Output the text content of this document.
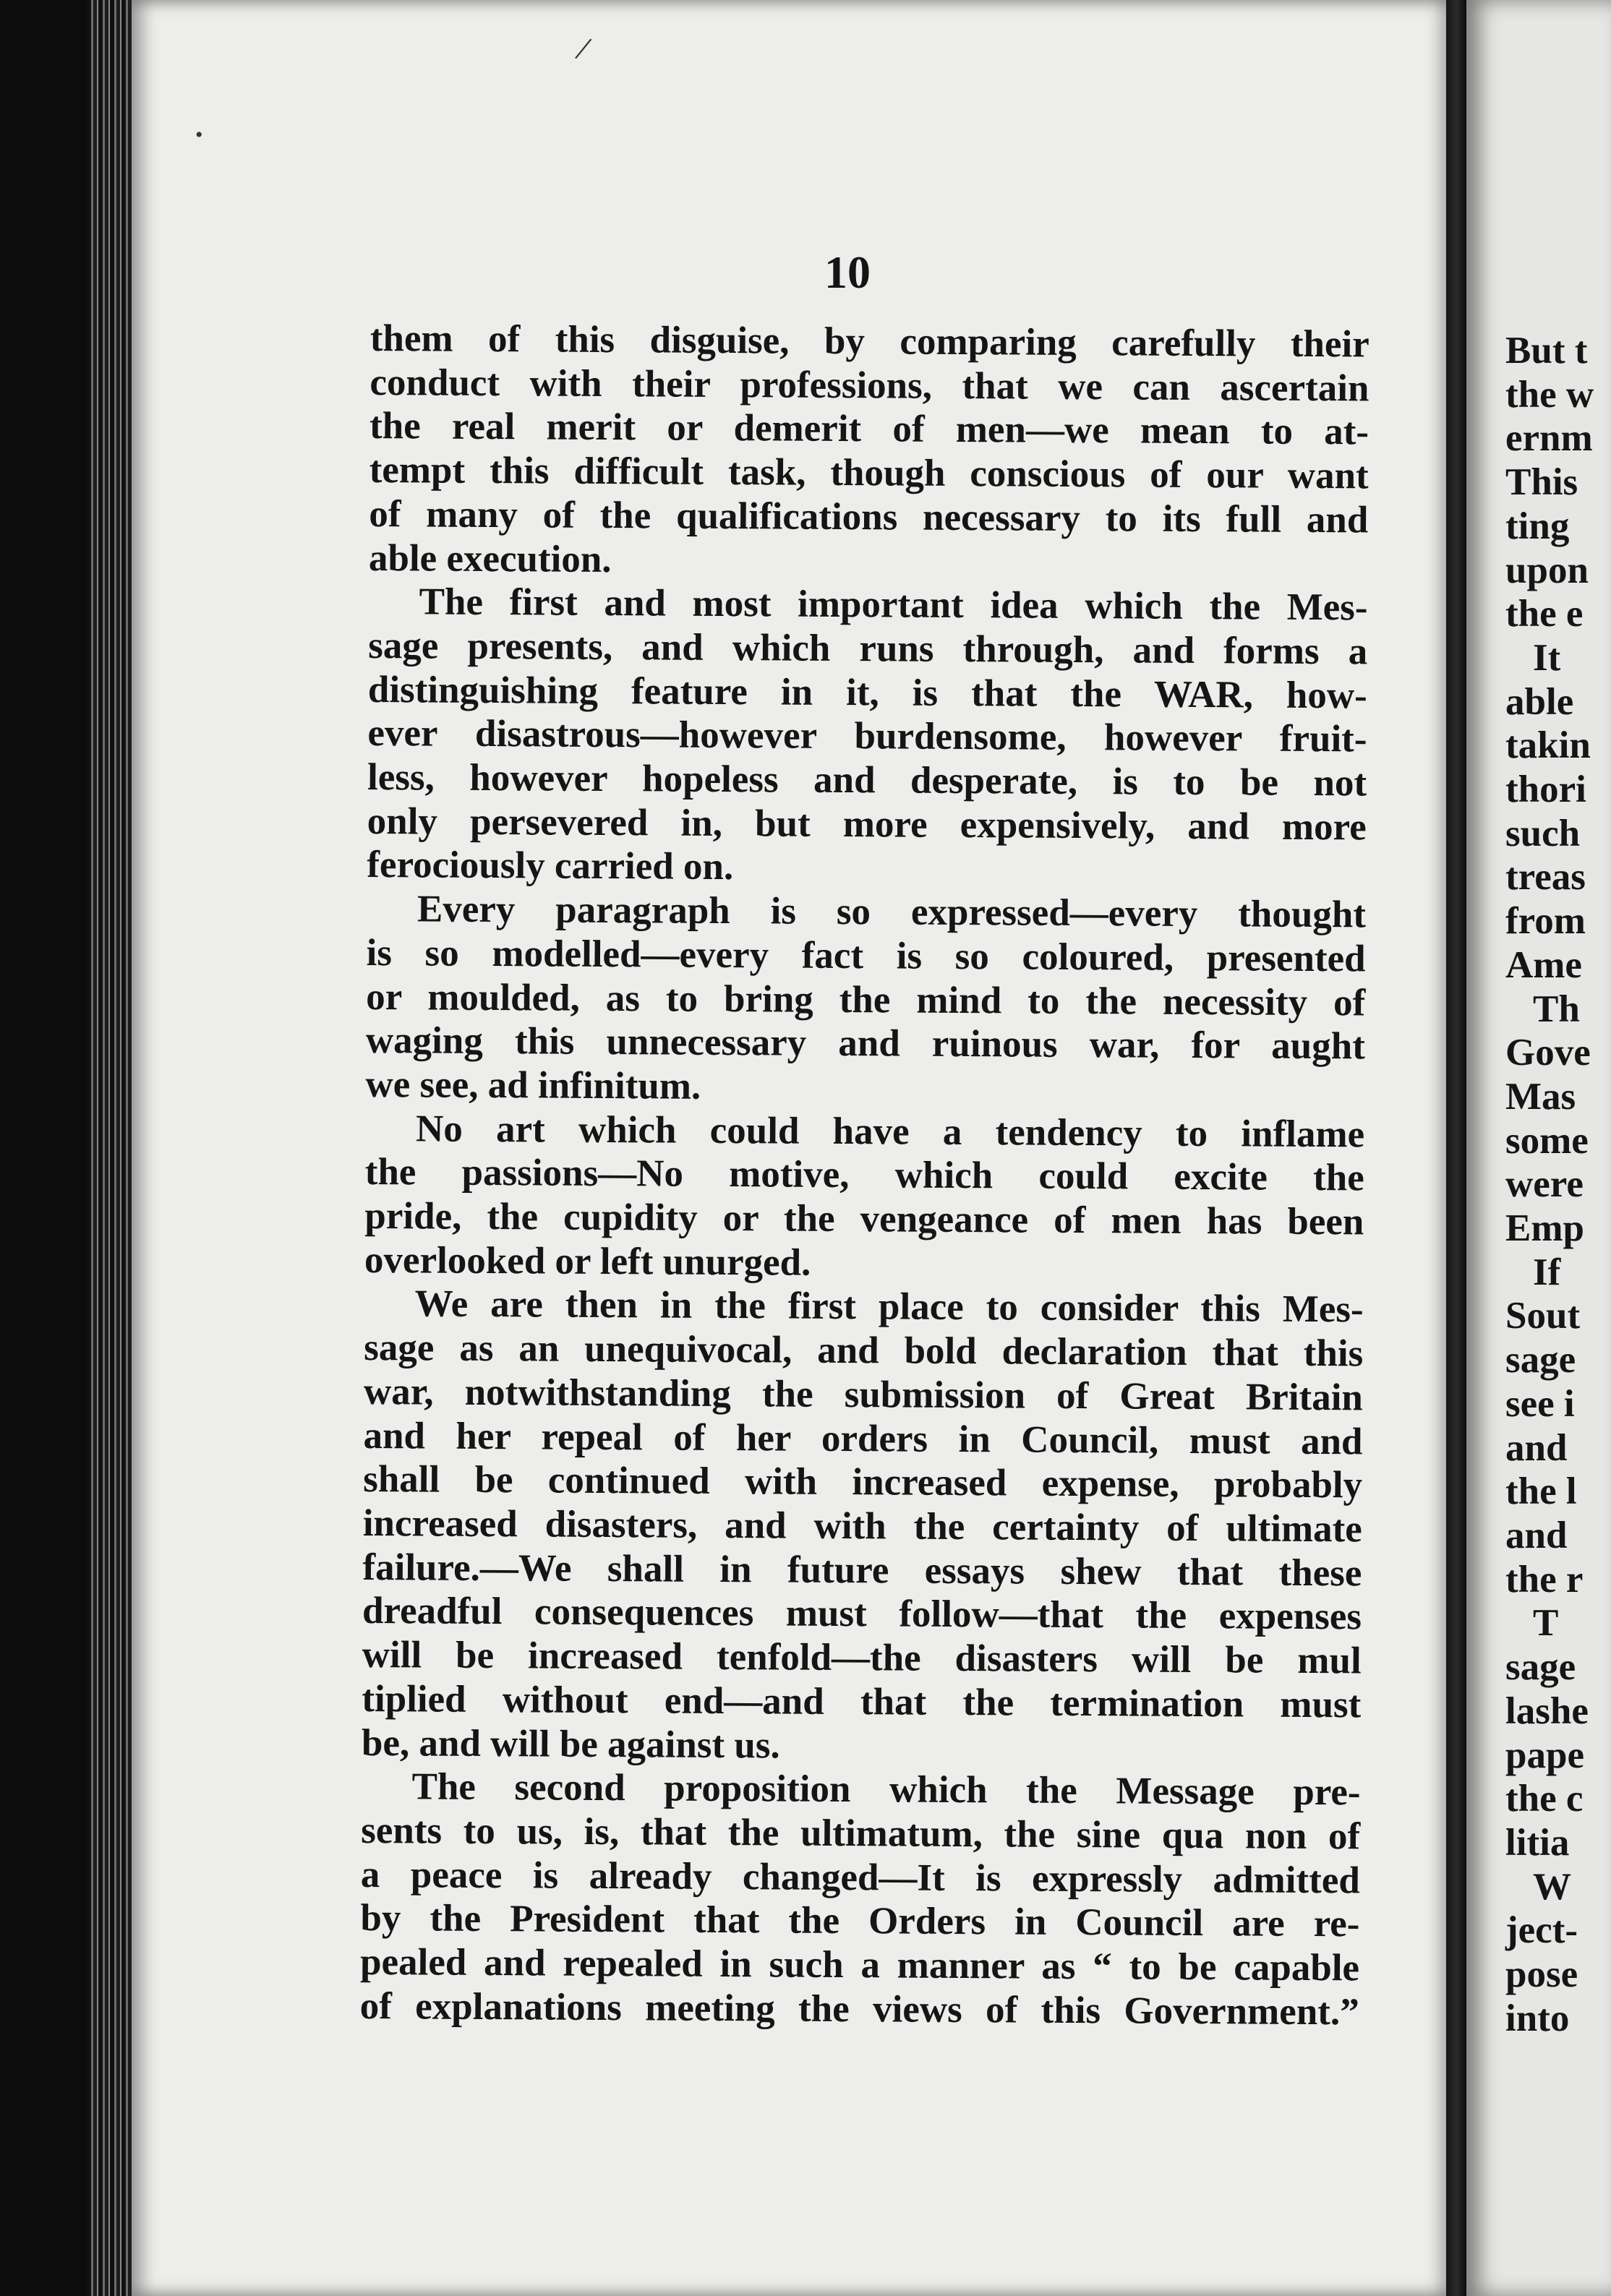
/
•
10
them of this disguise, by comparing carefully their
conduct with their professions, that we can ascertain
the real merit or demerit of men—we mean to at-
tempt this difficult task, though conscious of our want
of many of the qualifications necessary to its full and
able execution.
The first and most important idea which the Mes-
sage presents, and which runs through, and forms a
distinguishing feature in it, is that the WAR, how-
ever disastrous—however burdensome, however fruit-
less, however hopeless and desperate, is to be not
only persevered in, but more expensively, and more
ferociously carried on.
Every paragraph is so expressed—every thought
is so modelled—every fact is so coloured, presented
or moulded, as to bring the mind to the necessity of
waging this unnecessary and ruinous war, for aught
we see, ad infinitum.
No art which could have a tendency to inflame
the passions—No motive, which could excite the
pride, the cupidity or the vengeance of men has been
overlooked or left unurged.
We are then in the first place to consider this Mes-
sage as an unequivocal, and bold declaration that this
war, notwithstanding the submission of Great Britain
and her repeal of her orders in Council, must and
shall be continued with increased expense, probably
increased disasters, and with the certainty of ultimate
failure.—We shall in future essays shew that these
dreadful consequences must follow—that the expenses
will be increased tenfold—the disasters will be mul
tiplied without end—and that the termination must
be, and will be against us.
The second proposition which the Message pre-
sents to us, is, that the ultimatum, the sine qua non of
a peace is already changed—It is expressly admitted
by the President that the Orders in Council are re-
pealed and repealed in such a manner as “ to be capable
of explanations meeting the views of this Government.”
But t
the w
ernm
This
ting
upon
the e
It
able
takin
thori
such
treas
from
Ame
Th
Gove
Mas
some
were
Emp
If
Sout
sage
see i
and
the l
and
the r
T
sage
lashe
pape
the c
litia
W
ject-
pose
into
